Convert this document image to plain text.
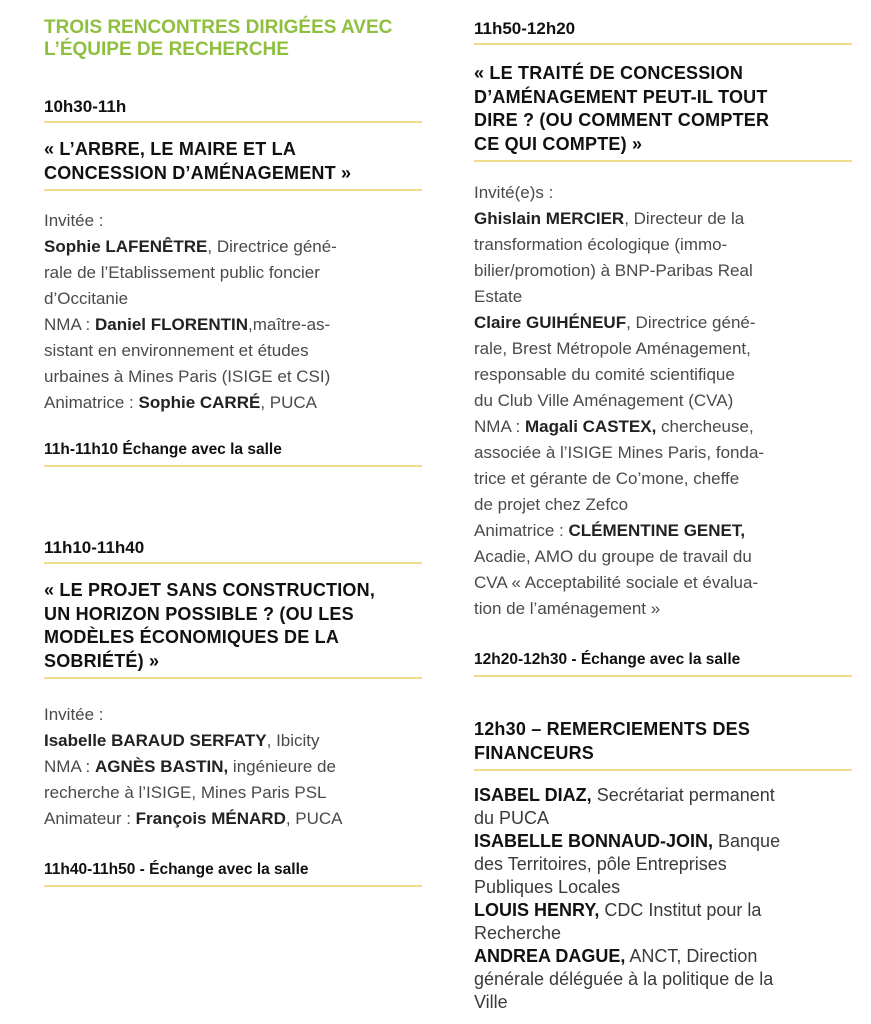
TROIS RENCONTRES DIRIGÉES AVEC
L’ÉQUIPE DE RECHERCHE
10h30-11h
« L’ARBRE, LE MAIRE ET LA
CONCESSION D’AMÉNAGEMENT »
Invitée :
Sophie LAFENÊTRE, Directrice géné-
rale de l’Etablissement public foncier
d’Occitanie
NMA : Daniel FLORENTIN,maître-as-
sistant en environnement et études
urbaines à Mines Paris (ISIGE et CSI)
Animatrice : Sophie CARRÉ, PUCA
11h-11h10 Échange avec la salle
11h10-11h40
« LE PROJET SANS CONSTRUCTION,
UN HORIZON POSSIBLE ? (OU LES
MODÈLES ÉCONOMIQUES DE LA
SOBRIÉTÉ) »
Invitée :
Isabelle BARAUD SERFATY, Ibicity
NMA : AGNÈS BASTIN, ingénieure de
recherche à l’ISIGE, Mines Paris PSL
Animateur : François MÉNARD, PUCA
11h40-11h50 - Échange avec la salle
11h50-12h20
« LE TRAITÉ DE CONCESSION
D’AMÉNAGEMENT PEUT-IL TOUT
DIRE ? (OU COMMENT COMPTER
CE QUI COMPTE) »
Invité(e)s :
Ghislain MERCIER, Directeur de la
transformation écologique (immo-
bilier/promotion) à BNP-Paribas Real
Estate
Claire GUIHÉNEUF, Directrice géné-
rale, Brest Métropole Aménagement,
responsable du comité scientifique
du Club Ville Aménagement (CVA)
NMA : Magali CASTEX, chercheuse,
associée à l’ISIGE Mines Paris, fonda-
trice et gérante de Co’mone, cheffe
de projet chez Zefco
Animatrice : CLÉMENTINE GENET,
Acadie, AMO du groupe de travail du
CVA « Acceptabilité sociale et évalua-
tion de l’aménagement »
12h20-12h30 - Échange avec la salle
12h30 – REMERCIEMENTS DES
FINANCEURS
ISABEL DIAZ, Secrétariat permanent
du PUCA
ISABELLE BONNAUD-JOIN, Banque
des Territoires, pôle Entreprises
Publiques Locales
LOUIS HENRY, CDC Institut pour la
Recherche
ANDREA DAGUE, ANCT, Direction
générale déléguée à la politique de la
Ville
